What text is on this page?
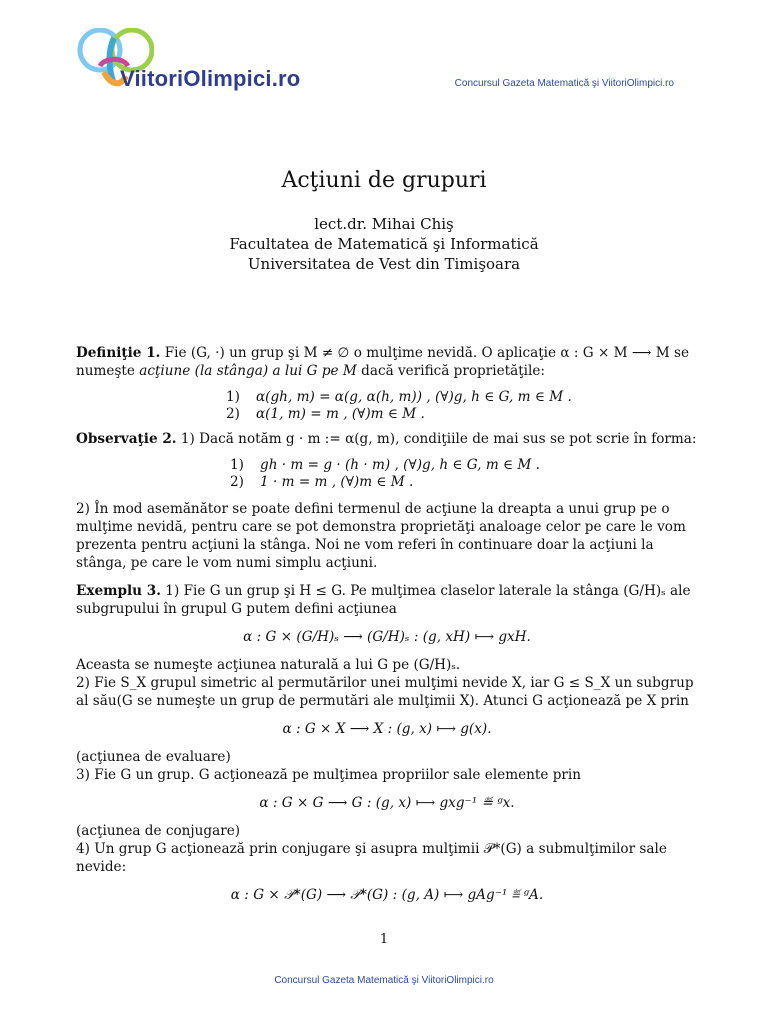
ViitoriOlimpici.ro	Concursul Gazeta Matematică şi ViitoriOlimpici.ro
Acţiuni de grupuri
lect.dr. Mihai Chiş
Facultatea de Matematică şi Informatică
Universitatea de Vest din Timişoara

Definiţie 1. Fie (G, ·) un grup şi M ≠ ∅ o mulţime nevidă. O aplicaţie α : G × M ⟶ M se numeşte acţiune (la stânga) a lui G pe M dacă verifică proprietăţile:

1)	α(gh, m) = α(g, α(h, m)) , (∀)g, h ∈ G, m ∈ M .
2)	α(1, m) = m , (∀)m ∈ M .

Observaţie 2. 1) Dacă notăm g · m := α(g, m), condiţiile de mai sus se pot scrie în forma:

1)	gh · m = g · (h · m) , (∀)g, h ∈ G, m ∈ M .
2)	1 · m = m , (∀)m ∈ M .

2) În mod asemănător se poate defini termenul de acţiune la dreapta a unui grup pe o mulţime nevidă, pentru care se pot demonstra proprietăţi analoage celor pe care le vom prezenta pentru acţiuni la stânga. Noi ne vom referi în continuare doar la acţiuni la stânga, pe care le vom numi simplu acţiuni.

Exemplu 3. 1) Fie G un grup şi H ≤ G. Pe mulţimea claselor laterale la stânga (G/H)ₛ ale subgrupului în grupul G putem defini acţiunea

α : G × (G/H)ₛ ⟶ (G/H)ₛ : (g, xH) ⟼ gxH.

Aceasta se numeşte acţiunea naturală a lui G pe (G/H)ₛ.

2) Fie S_X grupul simetric al permutărilor unei mulţimi nevide X, iar G ≤ S_X un subgrup al său(G se numeşte un grup de permutări ale mulţimii X). Atunci G acţionează pe X prin

α : G × X ⟶ X : (g, x) ⟼ g(x).

(acţiunea de evaluare)

3) Fie G un grup. G acţionează pe mulţimea propriilor sale elemente prin

α : G × G ⟶ G : (g, x) ⟼ gxg⁻¹ ≝ ᵍx.

(acţiunea de conjugare)

4) Un grup G acţionează prin conjugare şi asupra mulţimii 𝒫*(G) a submulţimilor sale nevide:

α : G × 𝒫*(G) ⟶ 𝒫*(G) : (g, A) ⟼ gAg⁻¹ ≝ ᵍA.
1
Concursul Gazeta Matematică şi ViitoriOlimpici.ro
